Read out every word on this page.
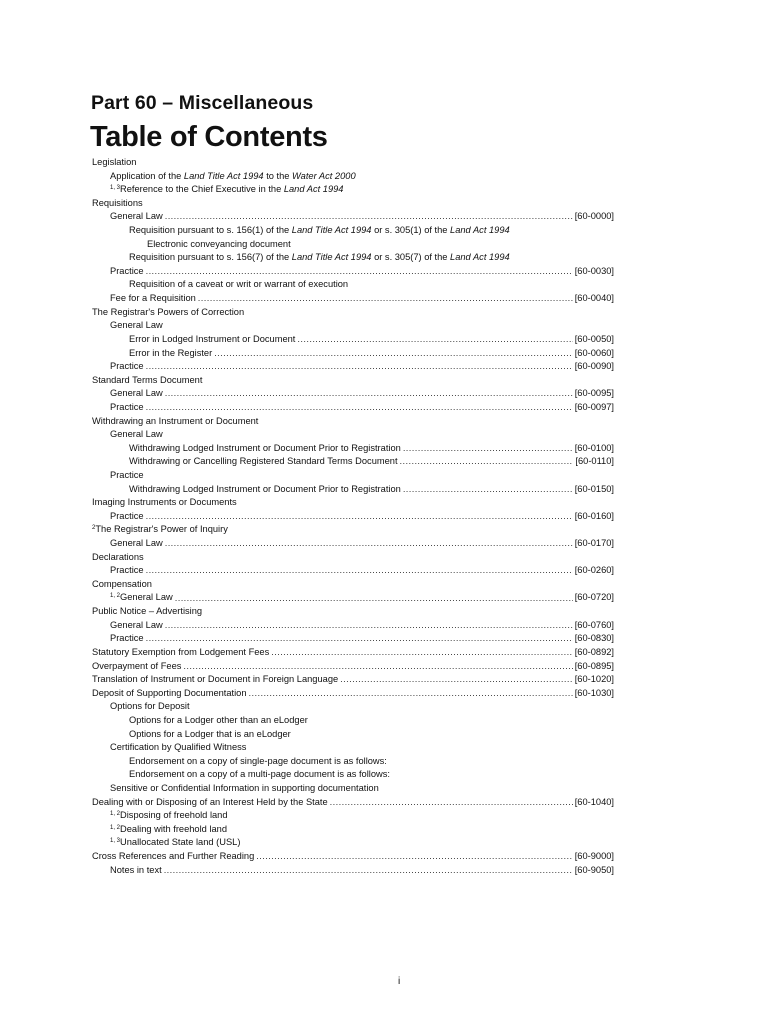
Part 60 – Miscellaneous
Table of Contents
Legislation
Application of the Land Title Act 1994 to the Water Act 2000
$^{1, 3}$Reference to the Chief Executive in the Land Act 1994
Requisitions
General Law .....	[60-0000]
Requisition pursuant to s. 156(1) of the Land Title Act 1994 or s. 305(1) of the Land Act 1994
Electronic conveyancing document
Requisition pursuant to s. 156(7) of the Land Title Act 1994 or s. 305(7) of the Land Act 1994
Practice .....	[60-0030]
Requisition of a caveat or writ or warrant of execution
Fee for a Requisition .....	[60-0040]
The Registrar's Powers of Correction
General Law
Error in Lodged Instrument or Document .....	[60-0050]
Error in the Register .....	[60-0060]
Practice .....	[60-0090]
Standard Terms Document
General Law .....	[60-0095]
Practice .....	[60-0097]
Withdrawing an Instrument or Document
General Law
Withdrawing Lodged Instrument or Document Prior to Registration .....	[60-0100]
Withdrawing or Cancelling Registered Standard Terms Document .....	[60-0110]
Practice
Withdrawing Lodged Instrument or Document Prior to Registration .....	[60-0150]
Imaging Instruments or Documents
Practice .....	[60-0160]
$^2$The Registrar's Power of Inquiry
General Law .....	[60-0170]
Declarations
Practice .....	[60-0260]
Compensation
$^{1, 2}$General Law .....	[60-0720]
Public Notice – Advertising
General Law .....	[60-0760]
Practice .....	[60-0830]
Statutory Exemption from Lodgement Fees .....	[60-0892]
Overpayment of Fees .....	[60-0895]
Translation of Instrument or Document in Foreign Language .....	[60-1020]
Deposit of Supporting Documentation .....	[60-1030]
Options for Deposit
Options for a Lodger other than an eLodger
Options for a Lodger that is an eLodger
Certification by Qualified Witness
Endorsement on a copy of single-page document is as follows:
Endorsement on a copy of a multi-page document is as follows:
Sensitive or Confidential Information in supporting documentation
Dealing with or Disposing of an Interest Held by the State .....	[60-1040]
$^{1, 2}$Disposing of freehold land
$^{1, 2}$Dealing with freehold land
$^{1, 3}$Unallocated State land (USL)
Cross References and Further Reading .....	[60-9000]
Notes in text .....	[60-9050]
i
